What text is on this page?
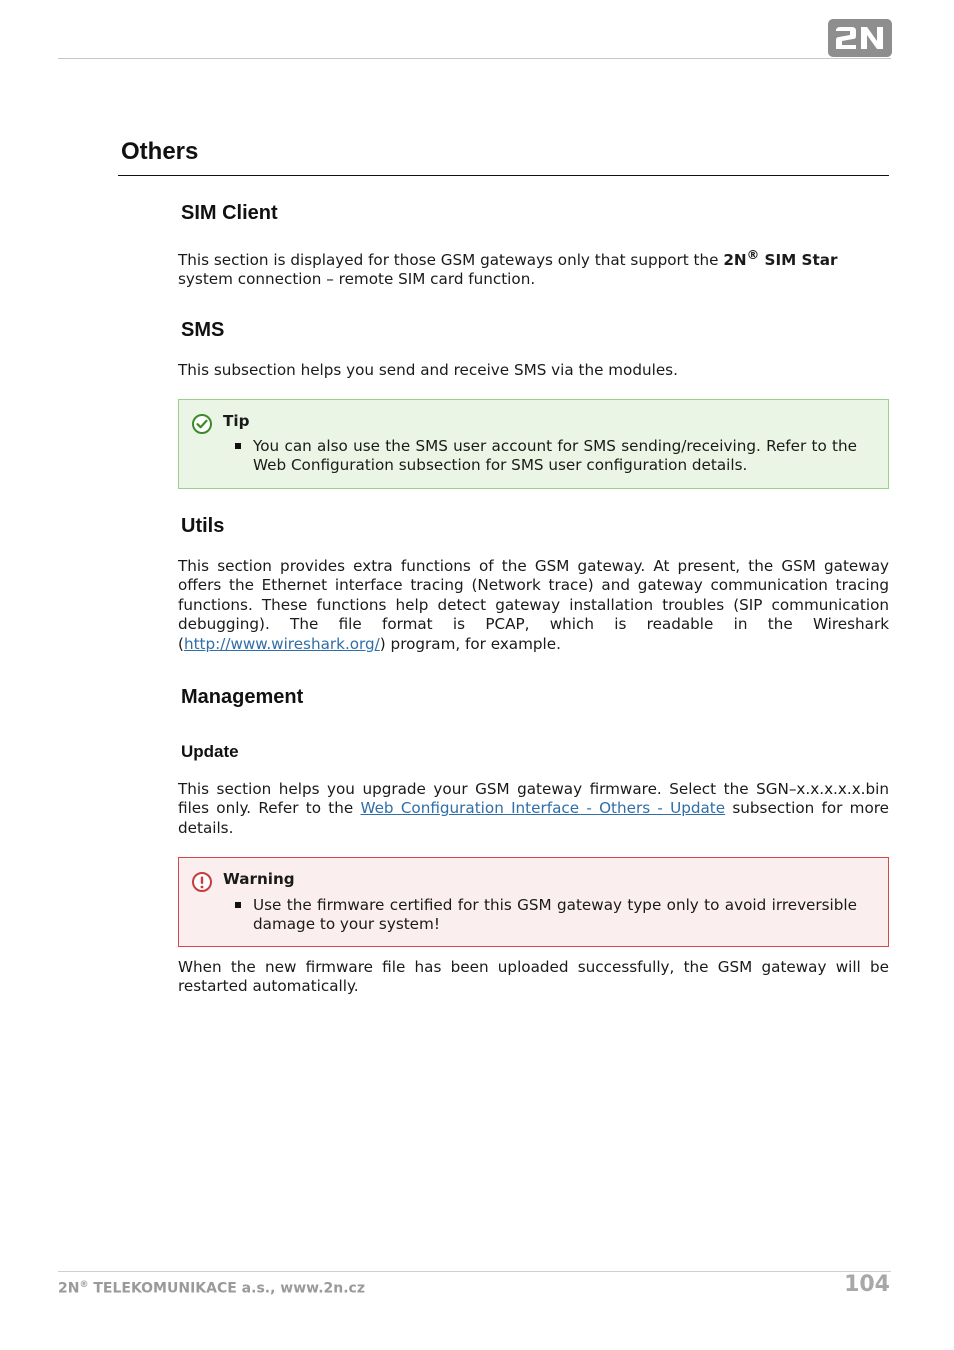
Others
SIM Client

This section is displayed for those GSM gateways only that support the 2N® SIM Star
system connection – remote SIM card function.

SMS

This subsection helps you send and receive SMS via the modules.

Tip

You can also use the SMS user account for SMS sending/receiving. Refer to the Web Configuration subsection for SMS user configuration details.

Utils

This section provides extra functions of the GSM gateway. At present, the GSM gateway offers the Ethernet interface tracing (Network trace) and gateway communication tracing functions. These functions help detect gateway installation troubles (SIP communication debugging). The file format is PCAP, which is readable in the Wireshark (http://www.wireshark.org/) program, for example.

Management
Update

This section helps you upgrade your GSM gateway firmware. Select the SGN–x.x.x.x.x.bin files only. Refer to the Web Configuration Interface - Others - Update subsection for more details.

Warning

Use the firmware certified for this GSM gateway type only to avoid irreversible damage to your system!

When the new firmware file has been uploaded successfully, the GSM gateway will be restarted automatically.

2N® TELEKOMUNIKACE a.s., www.2n.cz	104
